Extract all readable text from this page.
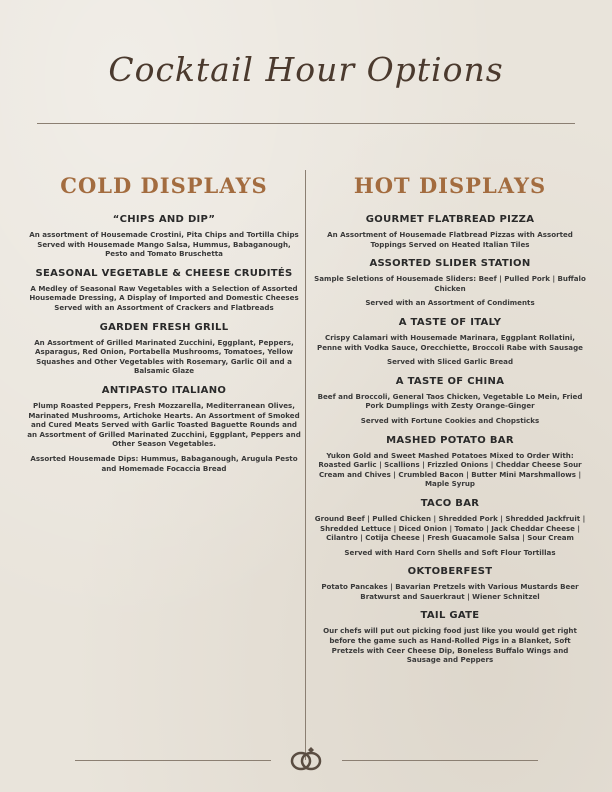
Cocktail Hour Options
COLD DISPLAYS
“CHIPS AND DIP”

An assortment of Housemade Crostini, Pita Chips and Tortilla Chips Served with Housemade Mango Salsa, Hummus, Babaganough, Pesto and Tomato Bruschetta

SEASONAL VEGETABLE & CHEESE CRUDITÉS

A Medley of Seasonal Raw Vegetables with a Selection of Assorted Housemade Dressing, A Display of Imported and Domestic Cheeses Served with an Assortment of Crackers and Flatbreads

GARDEN FRESH GRILL

An Assortment of Grilled Marinated Zucchini, Eggplant, Peppers, Asparagus, Red Onion, Portabella Mushrooms, Tomatoes, Yellow Squashes and Other Vegetables with Rosemary, Garlic Oil and a Balsamic Glaze

ANTIPASTO ITALIANO

Plump Roasted Peppers, Fresh Mozzarella, Mediterranean Olives, Marinated Mushrooms, Artichoke Hearts. An Assortment of Smoked and Cured Meats Served with Garlic Toasted Baguette Rounds and an Assortment of Grilled Marinated Zucchini, Eggplant, Peppers and Other Season Vegetables.

Assorted Housemade Dips: Hummus, Babaganough, Arugula Pesto and Homemade Focaccia Bread

HOT DISPLAYS
GOURMET FLATBREAD PIZZA

An Assortment of Housemade Flatbread Pizzas with Assorted Toppings Served on Heated Italian Tiles

ASSORTED SLIDER STATION

Sample Seletions of Housemade Sliders: Beef | Pulled Pork | Buffalo Chicken

Served with an Assortment of Condiments

A TASTE OF ITALY

Crispy Calamari with Housemade Marinara, Eggplant Rollatini, Penne with Vodka Sauce, Orecchiette, Broccoli Rabe with Sausage

Served with Sliced Garlic Bread

A TASTE OF CHINA

Beef and Broccoli, General Taos Chicken, Vegetable Lo Mein, Fried Pork Dumplings with Zesty Orange-Ginger

Served with Fortune Cookies and Chopsticks

MASHED POTATO BAR

Yukon Gold and Sweet Mashed Potatoes Mixed to Order With: Roasted Garlic | Scallions | Frizzled Onions | Cheddar Cheese Sour Cream and Chives | Crumbled Bacon | Butter Mini Marshmallows | Maple Syrup

TACO BAR

Ground Beef | Pulled Chicken | Shredded Pork | Shredded Jackfruit | Shredded Lettuce | Diced Onion | Tomato | Jack Cheddar Cheese | Cilantro | Cotija Cheese | Fresh Guacamole Salsa | Sour Cream

Served with Hard Corn Shells and Soft Flour Tortillas

OKTOBERFEST

Potato Pancakes | Bavarian Pretzels with Various Mustards Beer Bratwurst and Sauerkraut | Wiener Schnitzel

TAIL GATE

Our chefs will put out picking food just like you would get right before the game such as Hand-Rolled Pigs in a Blanket, Soft Pretzels with Ceer Cheese Dip, Boneless Buffalo Wings and Sausage and Peppers
